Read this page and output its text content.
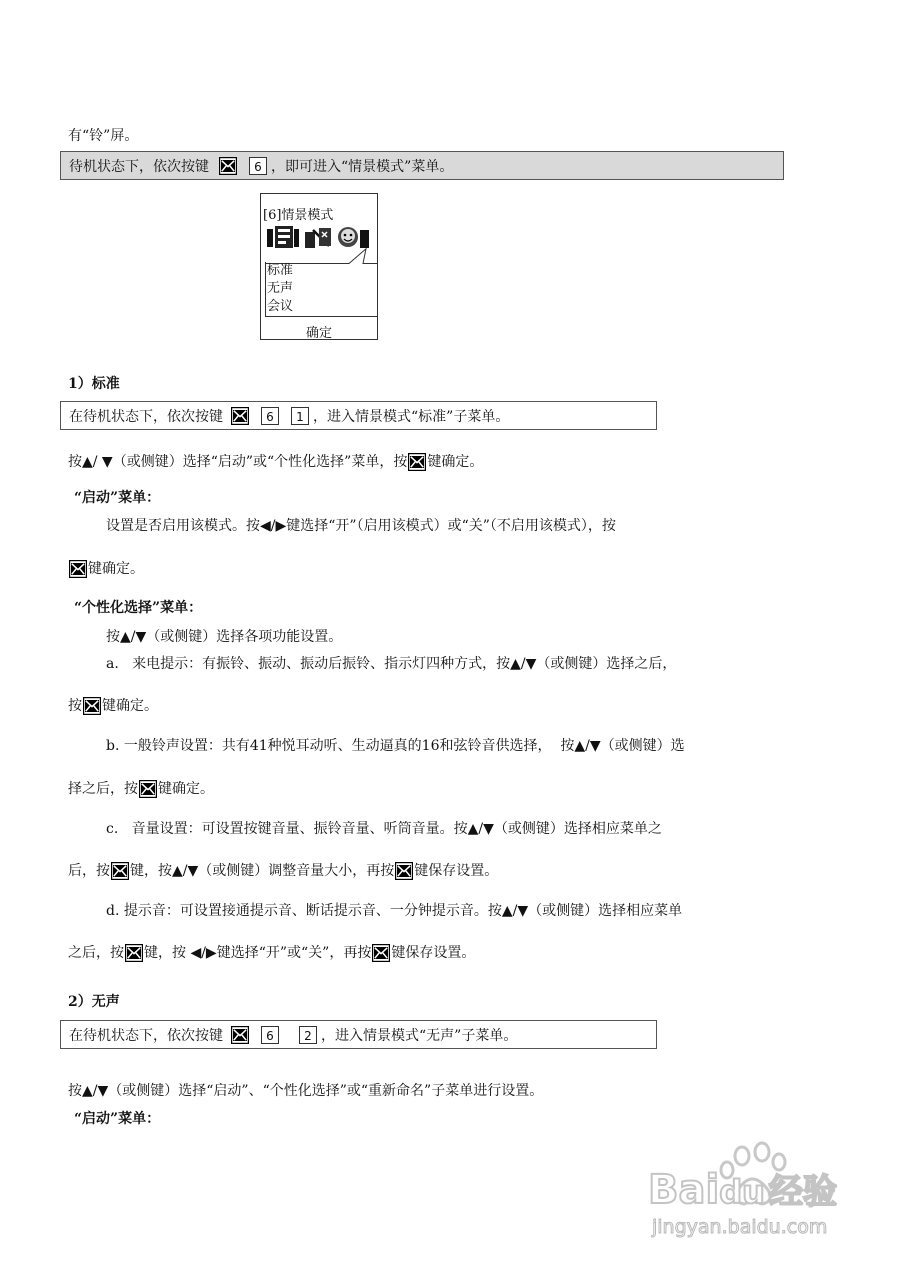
有“铃”屏。
待机状态下，依次按键	6 ，即可进入“情景模式”菜单。
[6]情景模式
标准
无声
会议
确定
1）标准
在待机状态下，依次按键	6	1 ，进入情景模式“标准”子菜单。
按▲/ ▼（或侧键）选择“启动”或“个性化选择”菜单，按 键确定。
“启动”菜单：
设置是否启用该模式。按◀/▶键选择“开”（启用该模式）或“关”（不启用该模式），按
键确定。
“个性化选择”菜单：
按▲/▼（或侧键）选择各项功能设置。
a.   来电提示：有振铃、振动、振动后振铃、指示灯四种方式，按▲/▼（或侧键）选择之后，
按 键确定。
b. 一般铃声设置：共有41种悦耳动听、生动逼真的16和弦铃音供选择，  按▲/▼（或侧键）选
择之后，按 键确定。
c.   音量设置：可设置按键音量、振铃音量、听筒音量。按▲/▼（或侧键）选择相应菜单之
后，按 键，按▲/▼（或侧键）调整音量大小，再按 键保存设置。
d. 提示音：可设置接通提示音、断话提示音、一分钟提示音。按▲/▼（或侧键）选择相应菜单
之后，按 键，按 ◀/▶键选择“开”或“关”，再按 键保存设置。
2）无声
在待机状态下，依次按键	6	2 ，进入情景模式“无声”子菜单。
按▲/▼（或侧键）选择“启动”、“个性化选择”或“重新命名”子菜单进行设置。
“启动”菜单：
Baidu 经验
jingyan.baidu.com
